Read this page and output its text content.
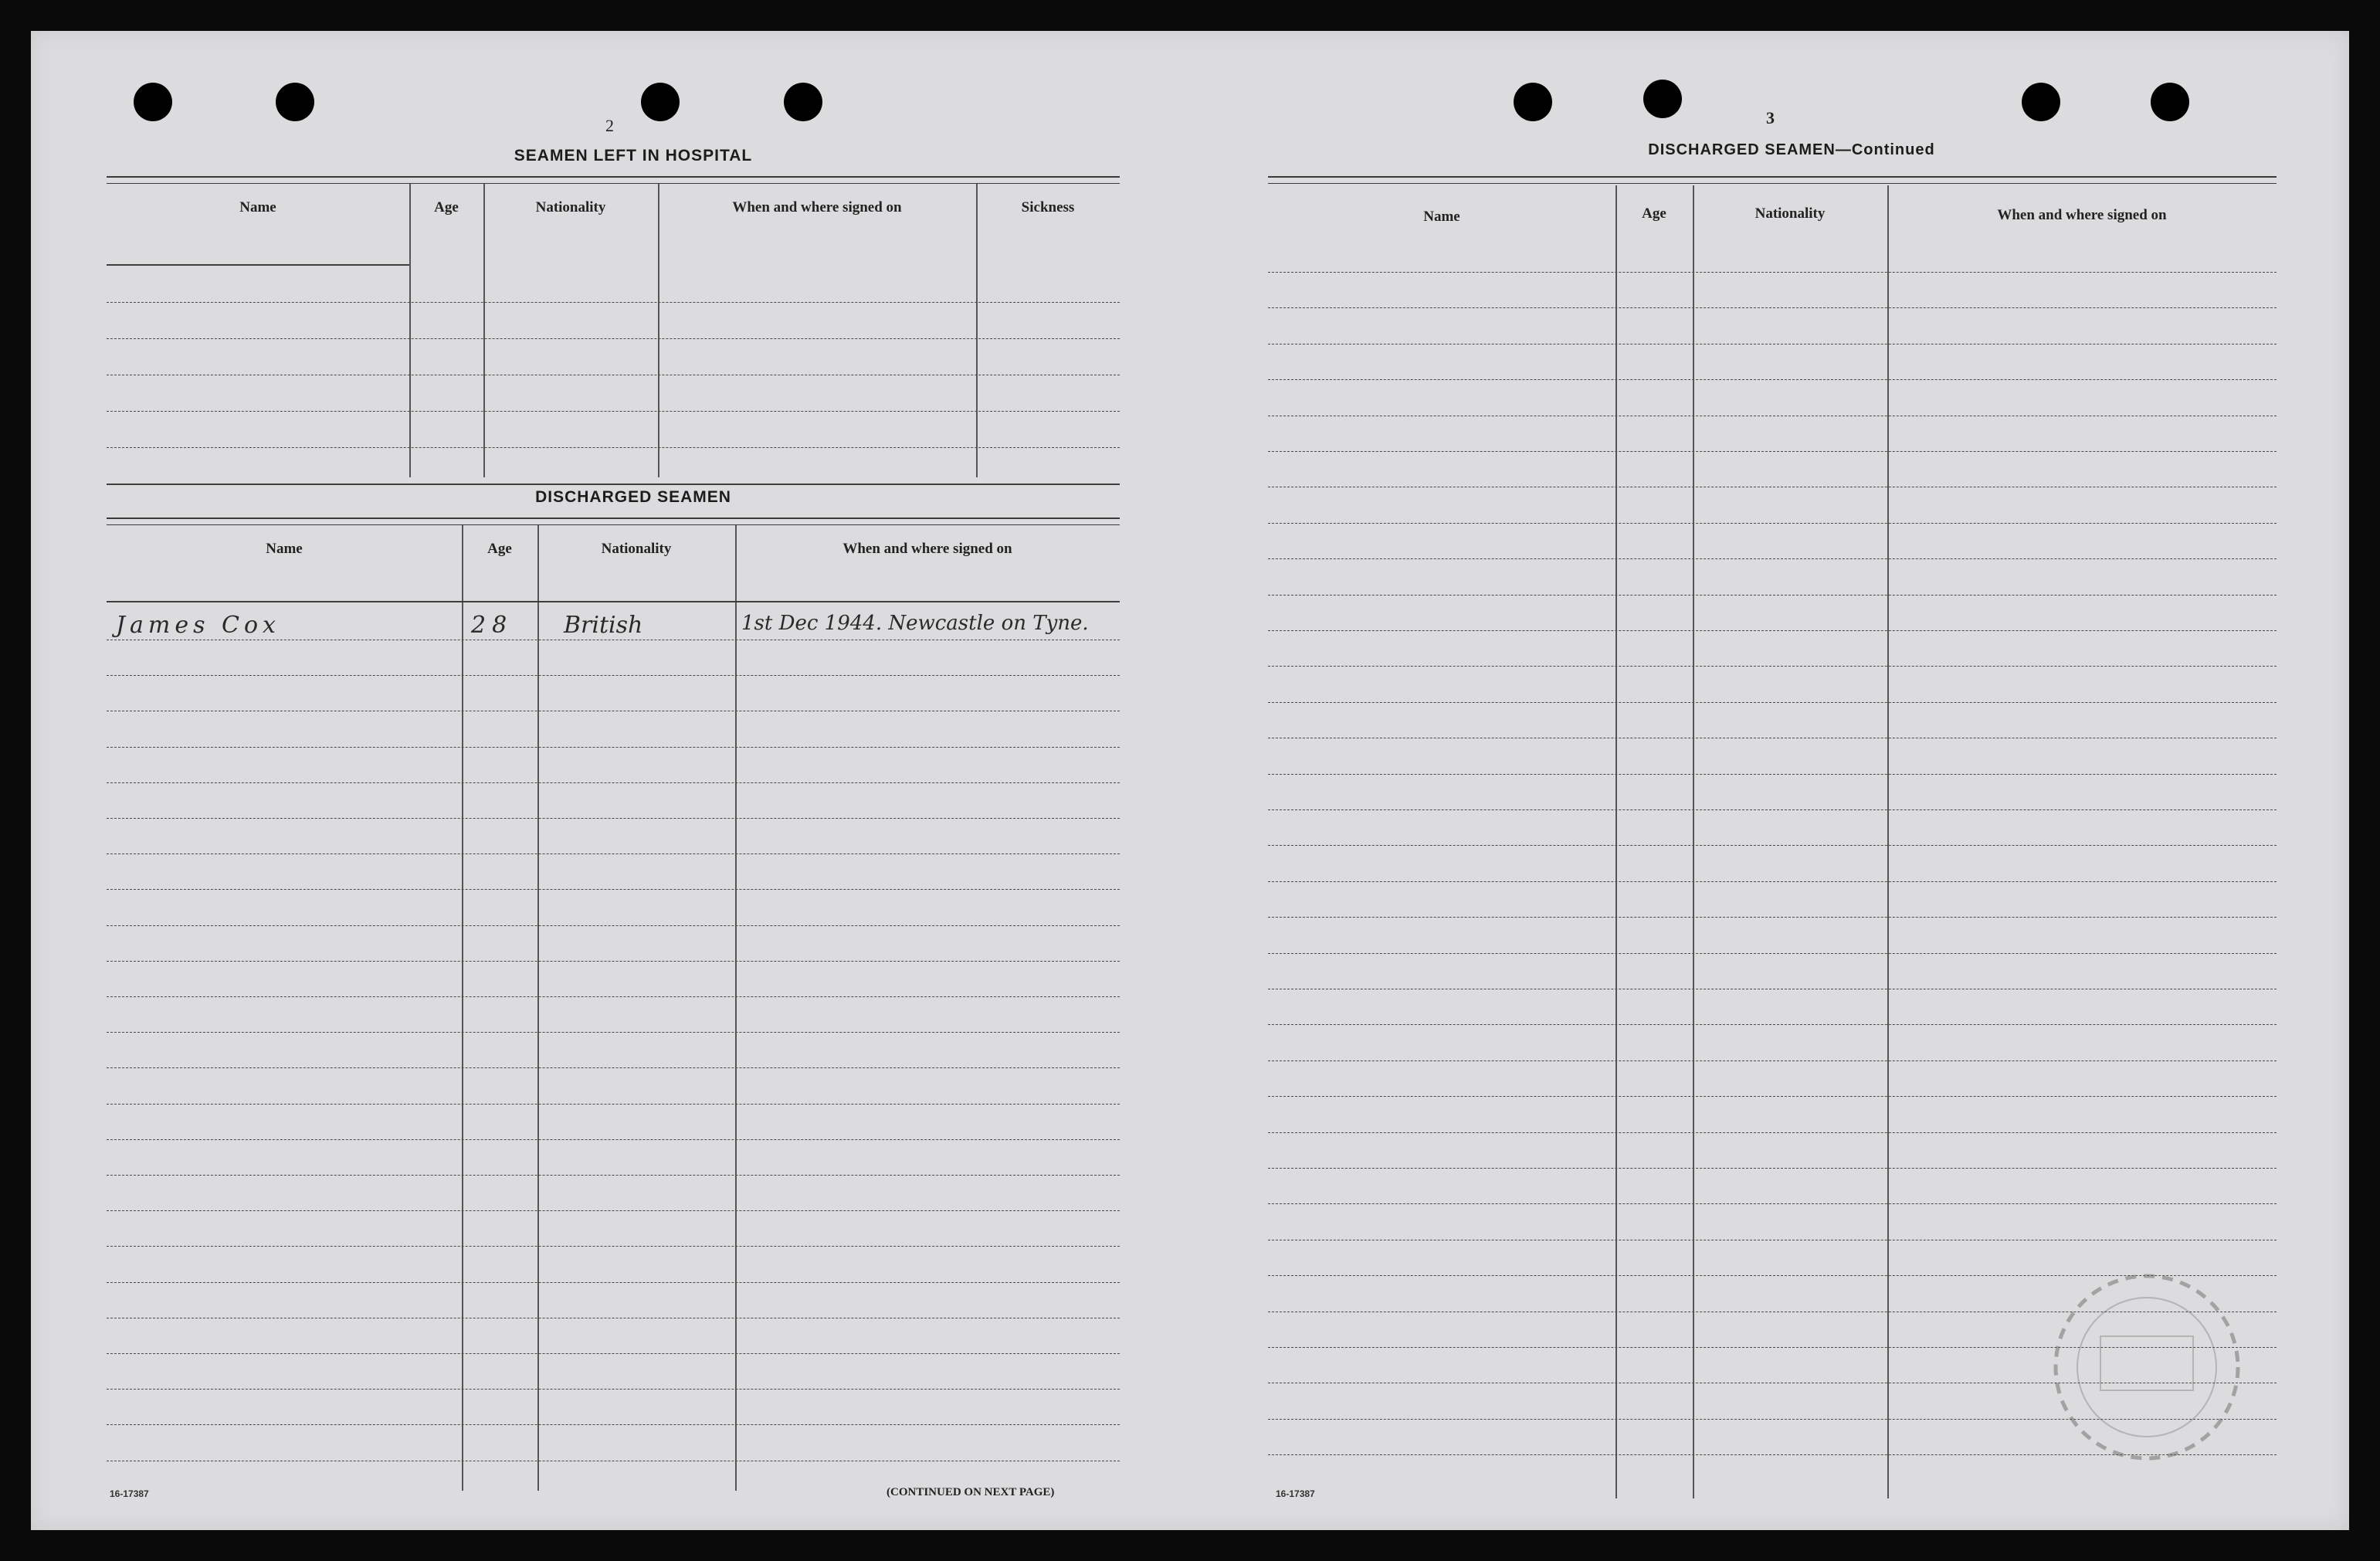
2
SEAMEN LEFT IN HOSPITAL
Name	Age	Nationality	When and where signed on	Sickness
DISCHARGED SEAMEN
Name	Age	Nationality	When and where signed on
James Cox	28 British	1st Dec 1944. Newcastle on Tyne.
16-17387	(CONTINUED ON NEXT PAGE)
3
DISCHARGED SEAMEN—Continued
Name	Age	Nationality	When and where signed on
16-17387
